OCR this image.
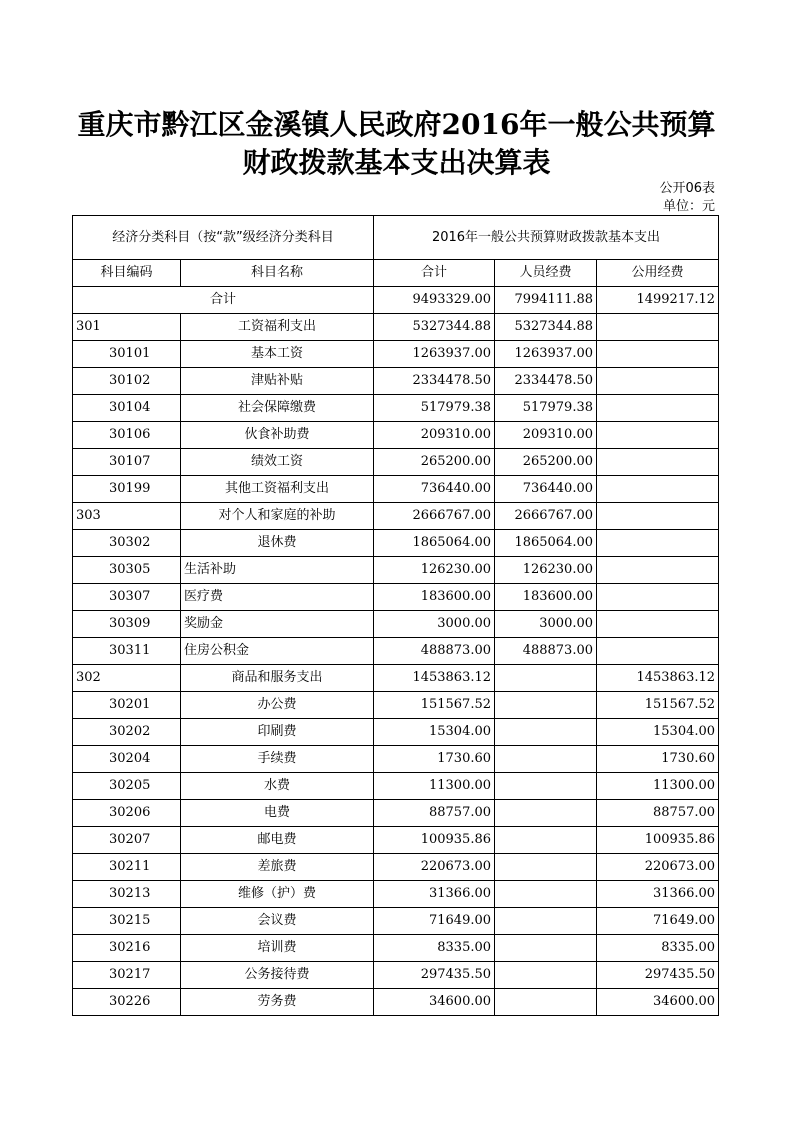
重庆市黔江区金溪镇人民政府2016年一般公共预算
财政拨款基本支出决算表
公开06表
单位：元
经济分类科目（按“款”级经济分类科目		2016年一般公共预算财政拨款基本支出		
科目编码	科目名称	合计	人员经费	公用经费
合计		9493329.00	7994111.88	1499217.12
301	工资福利支出	5327344.88	5327344.88	
30101	基本工资	1263937.00	1263937.00	
30102	津贴补贴	2334478.50	2334478.50	
30104	社会保障缴费	517979.38	517979.38	
30106	伙食补助费	209310.00	209310.00	
30107	绩效工资	265200.00	265200.00	
30199	其他工资福利支出	736440.00	736440.00	
303	对个人和家庭的补助	2666767.00	2666767.00	
30302	退休费	1865064.00	1865064.00	
30305	生活补助	126230.00	126230.00	
30307	医疗费	183600.00	183600.00	
30309	奖励金	3000.00	3000.00	
30311	住房公积金	488873.00	488873.00	
302	商品和服务支出	1453863.12		1453863.12
30201	办公费	151567.52		151567.52
30202	印刷费	15304.00		15304.00
30204	手续费	1730.60		1730.60
30205	水费	11300.00		11300.00
30206	电费	88757.00		88757.00
30207	邮电费	100935.86		100935.86
30211	差旅费	220673.00		220673.00
30213	维修（护）费	31366.00		31366.00
30215	会议费	71649.00		71649.00
30216	培训费	8335.00		8335.00
30217	公务接待费	297435.50		297435.50
30226	劳务费	34600.00		34600.00
